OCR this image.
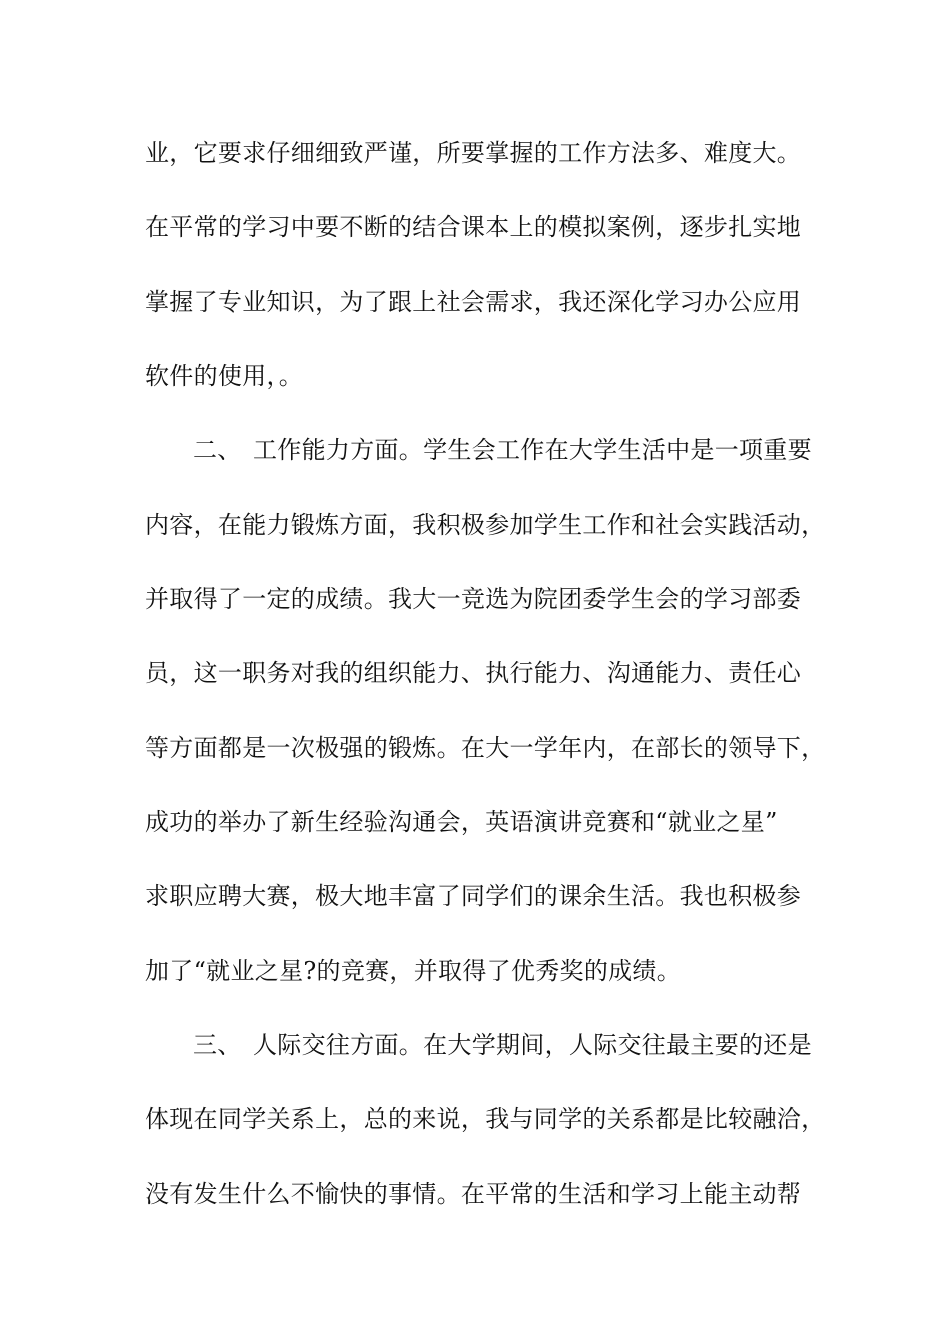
业，它要求仔细细致严谨，所要掌握的工作方法多、难度大。
在平常的学习中要不断的结合课本上的模拟案例，逐步扎实地
掌握了专业知识，为了跟上社会需求，我还深化学习办公应用
软件的使用，。
二、 工作能力方面。学生会工作在大学生活中是一项重要
内容，在能力锻炼方面，我积极参加学生工作和社会实践活动，
并取得了一定的成绩。我大一竞选为院团委学生会的学习部委
员，这一职务对我的组织能力、执行能力、沟通能力、责任心
等方面都是一次极强的锻炼。在大一学年内，在部长的领导下，
成功的举办了新生经验沟通会，英语演讲竞赛和“就业之星”
求职应聘大赛，极大地丰富了同学们的课余生活。我也积极参
加了“就业之星?的竞赛，并取得了优秀奖的成绩。
三、 人际交往方面。在大学期间，人际交往最主要的还是
体现在同学关系上，总的来说，我与同学的关系都是比较融洽，
没有发生什么不愉快的事情。在平常的生活和学习上能主动帮
